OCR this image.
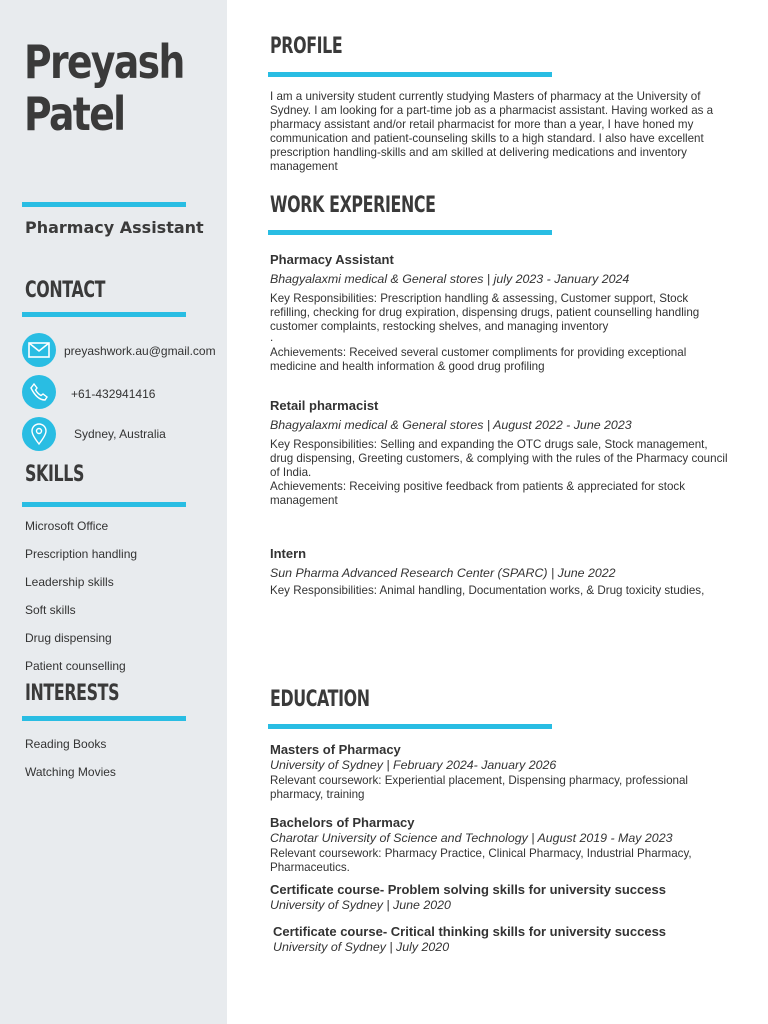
Preyash
Patel
Pharmacy Assistant
CONTACT
preyashwork.au@gmail.com
+61-432941416
Sydney, Australia
SKILLS
Microsoft Office
Prescription handling
Leadership skills
Soft skills
Drug dispensing
Patient counselling
INTERESTS
Reading Books
Watching Movies
PROFILE

I am a university student currently studying Masters of pharmacy at the University of Sydney. I am looking for a part-time job as a pharmacist assistant. Having worked as a pharmacy assistant and/or retail pharmacist for more than a year, I have honed my communication and patient-counseling skills to a high standard. I also have excellent prescription handling-skills and am skilled at delivering medications and inventory management

WORK EXPERIENCE

Pharmacy Assistant

Bhagyalaxmi medical & General stores | july 2023 - January 2024

Key Responsibilities: Prescription handling & assessing, Customer support, Stock refilling, checking for drug expiration, dispensing drugs, patient counselling handling customer complaints, restocking shelves, and managing inventory

.

Achievements: Received several customer compliments for providing exceptional medicine and health information & good drug profiling

Retail pharmacist

Bhagyalaxmi medical & General stores | August 2022 - June 2023

Key Responsibilities: Selling and expanding the OTC drugs sale, Stock management, drug dispensing, Greeting customers, & complying with the rules of the Pharmacy council of India.

Achievements: Receiving positive feedback from patients & appreciated for stock management

Intern

Sun Pharma Advanced Research Center (SPARC) | June 2022

Key Responsibilities: Animal handling, Documentation works, & Drug toxicity studies,

EDUCATION

Masters of Pharmacy

University of Sydney | February 2024- January 2026

Relevant coursework: Experiential placement, Dispensing pharmacy, professional pharmacy, training

Bachelors of Pharmacy

Charotar University of Science and Technology | August 2019 - May 2023

Relevant coursework: Pharmacy Practice, Clinical Pharmacy, Industrial Pharmacy, Pharmaceutics.

Certificate course- Problem solving skills for university success

University of Sydney | June 2020

Certificate course- Critical thinking skills for university success

University of Sydney | July 2020
